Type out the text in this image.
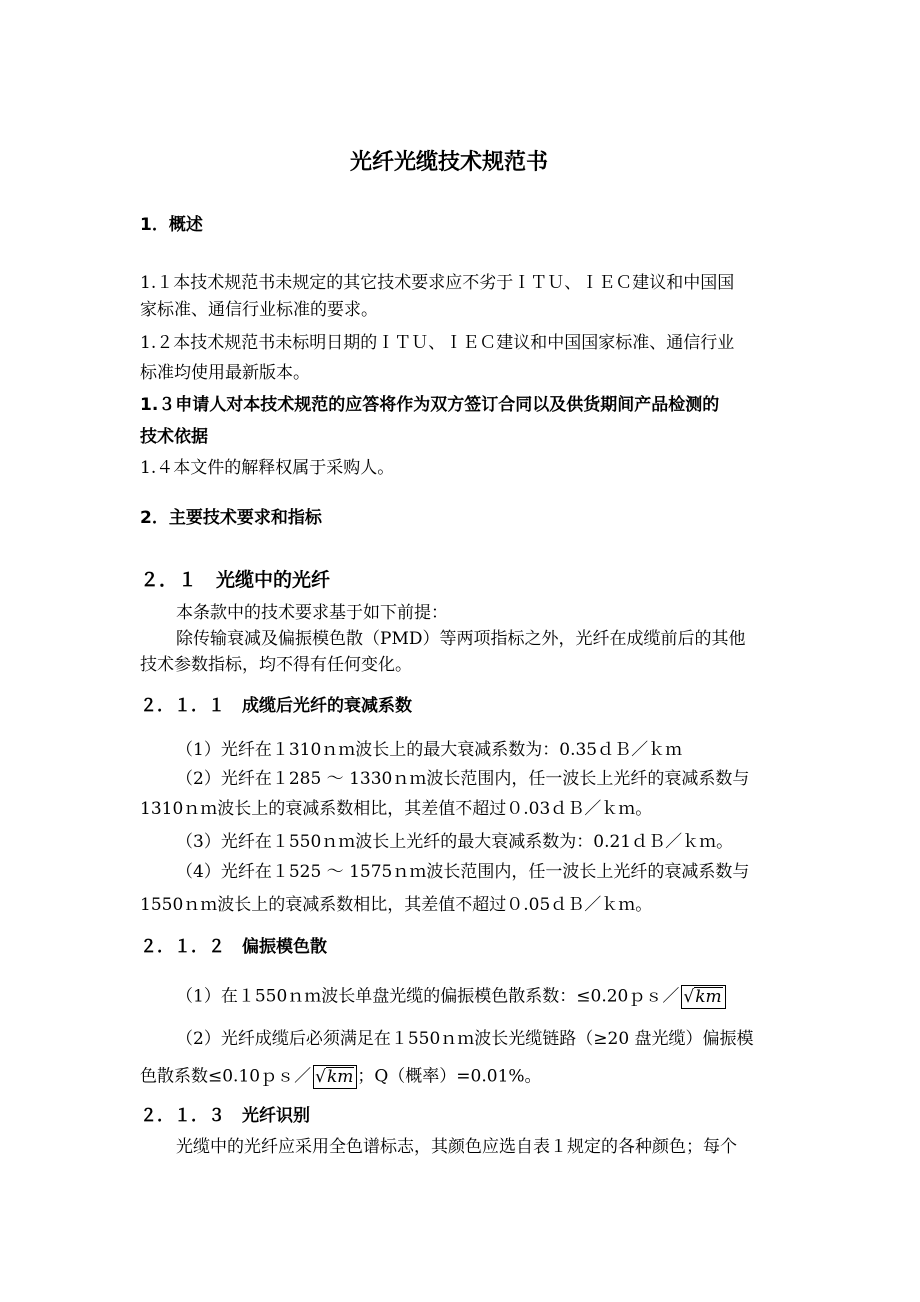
光纤光缆技术规范书
1．概述
1.１本技术规范书未规定的其它技术要求应不劣于ＩＴＵ、ＩＥＣ建议和中国国
家标准、通信行业标准的要求。
1.２本技术规范书未标明日期的ＩＴＵ、ＩＥＣ建议和中国国家标准、通信行业
标准均使用最新版本。
1.３申请人对本技术规范的应答将作为双方签订合同以及供货期间产品检测的
技术依据
1.４本文件的解释权属于采购人。
2．主要技术要求和指标
２．１　光缆中的光纤
本条款中的技术要求基于如下前提：
除传输衰减及偏振模色散（PMD）等两项指标之外，光纤在成缆前后的其他
技术参数指标，均不得有任何变化。
２．１．１　成缆后光纤的衰减系数
（1）光纤在１310ｎｍ波长上的最大衰减系数为：0.35ｄＢ／ｋｍ
（2）光纤在１285 ～ 1330ｎｍ波长范围内，任一波长上光纤的衰减系数与
1310ｎｍ波长上的衰减系数相比，其差值不超过０.03ｄＢ／ｋｍ。
（3）光纤在１550ｎｍ波长上光纤的最大衰减系数为：0.21ｄＢ／ｋｍ。
（4）光纤在１525 ～ 1575ｎｍ波长范围内，任一波长上光纤的衰减系数与
1550ｎｍ波长上的衰减系数相比，其差值不超过０.05ｄＢ／ｋｍ。
２．１．２　偏振模色散
（1）在１550ｎｍ波长单盘光缆的偏振模色散系数：≤0.20ｐｓ／ √km
（2）光纤成缆后必须满足在１550ｎｍ波长光缆链路（≥20 盘光缆）偏振模
色散系数≤0.10ｐｓ／ √km ；Q（概率）=0.01%。
２．１．３　光纤识别
光缆中的光纤应采用全色谱标志，其颜色应选自表１规定的各种颜色；每个
